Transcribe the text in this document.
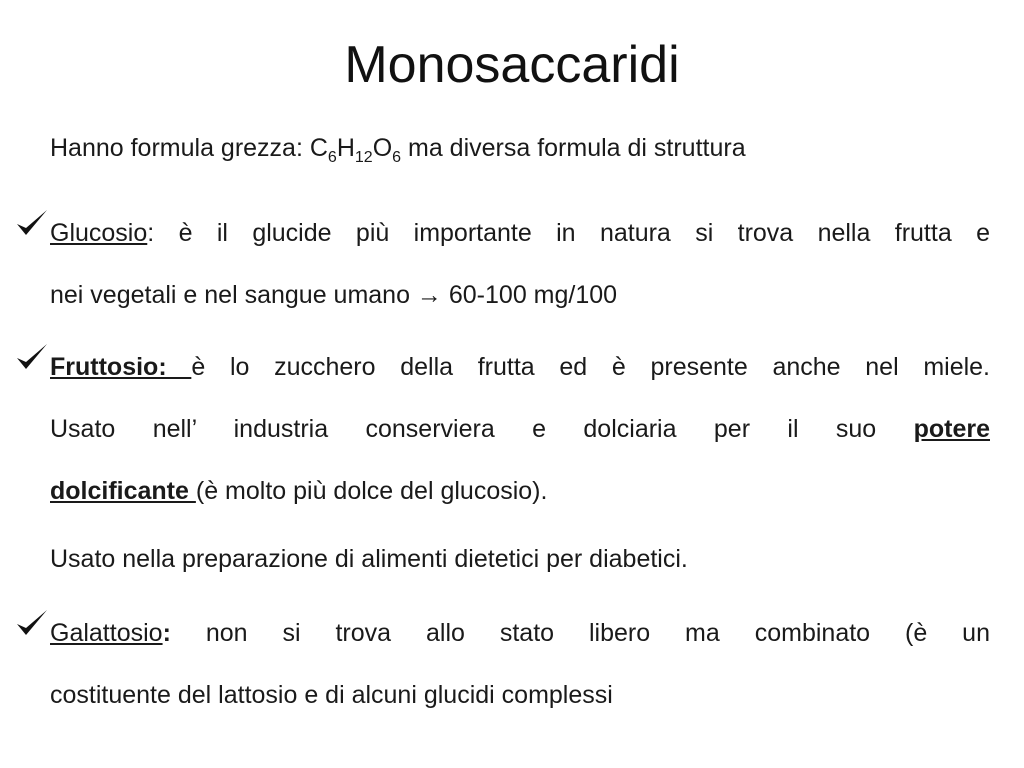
Monosaccaridi
Hanno formula grezza: $C_6H_{12}O_6$ ma diversa formula di struttura
Glucosio: è il glucide più importante in natura si trova nella frutta e
nei vegetali e nel sangue umano → 60-100 mg/100
Fruttosio: è lo zucchero della frutta ed è presente anche nel miele.
Usato nell’ industria conserviera e dolciaria per il suo potere
dolcificante (è molto più dolce del glucosio).
Usato nella preparazione di alimenti dietetici per diabetici.
Galattosio: non si trova allo stato libero ma combinato (è un
costituente del lattosio e di alcuni glucidi complessi
